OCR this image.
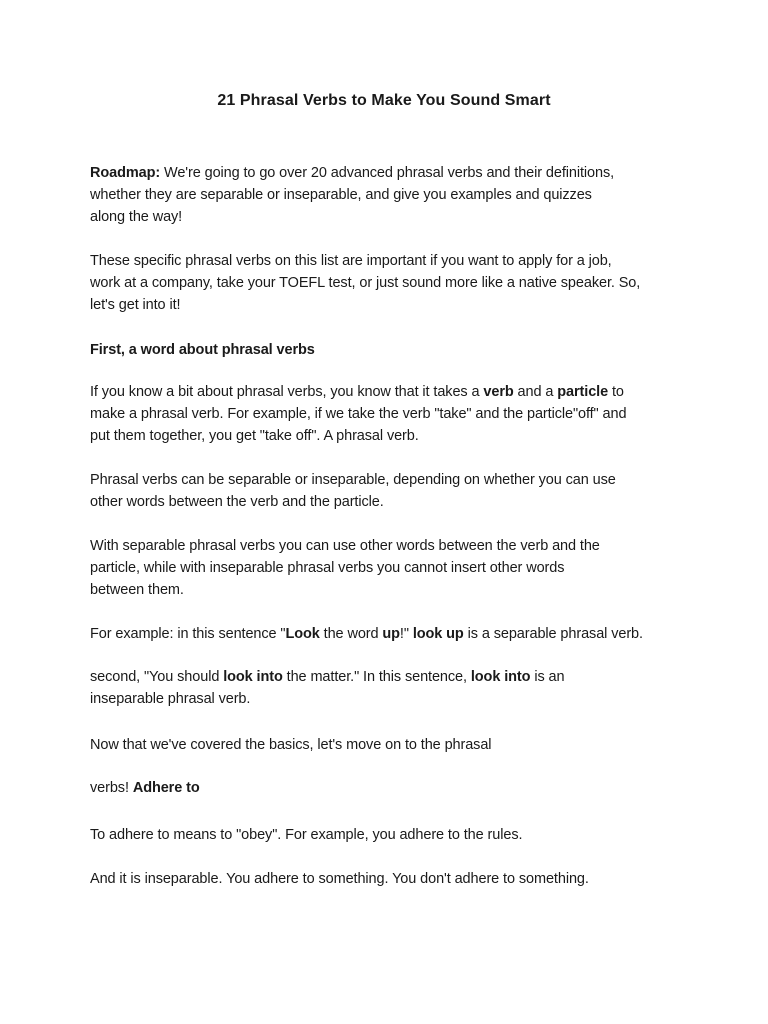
21 Phrasal Verbs to Make You Sound Smart
Roadmap: We're going to go over 20 advanced phrasal verbs and their definitions,
whether they are separable or inseparable, and give you examples and quizzes
along the way!
These specific phrasal verbs on this list are important if you want to apply for a job,
work at a company, take your TOEFL test, or just sound more like a native speaker. So,
let's get into it!
First, a word about phrasal verbs
If you know a bit about phrasal verbs, you know that it takes a verb and a particle to
make a phrasal verb. For example, if we take the verb "take" and the particle"off" and
put them together, you get "take off". A phrasal verb.
Phrasal verbs can be separable or inseparable, depending on whether you can use
other words between the verb and the particle.
With separable phrasal verbs you can use other words between the verb and the
particle, while with inseparable phrasal verbs you cannot insert other words
between them.
For example: in this sentence "Look the word up!" look up is a separable phrasal verb.
second, "You should look into the matter." In this sentence, look into is an
inseparable phrasal verb.
Now that we've covered the basics, let's move on to the phrasal
verbs! Adhere to
To adhere to means to "obey". For example, you adhere to the rules.
And it is inseparable. You adhere to something. You don't adhere to something.
